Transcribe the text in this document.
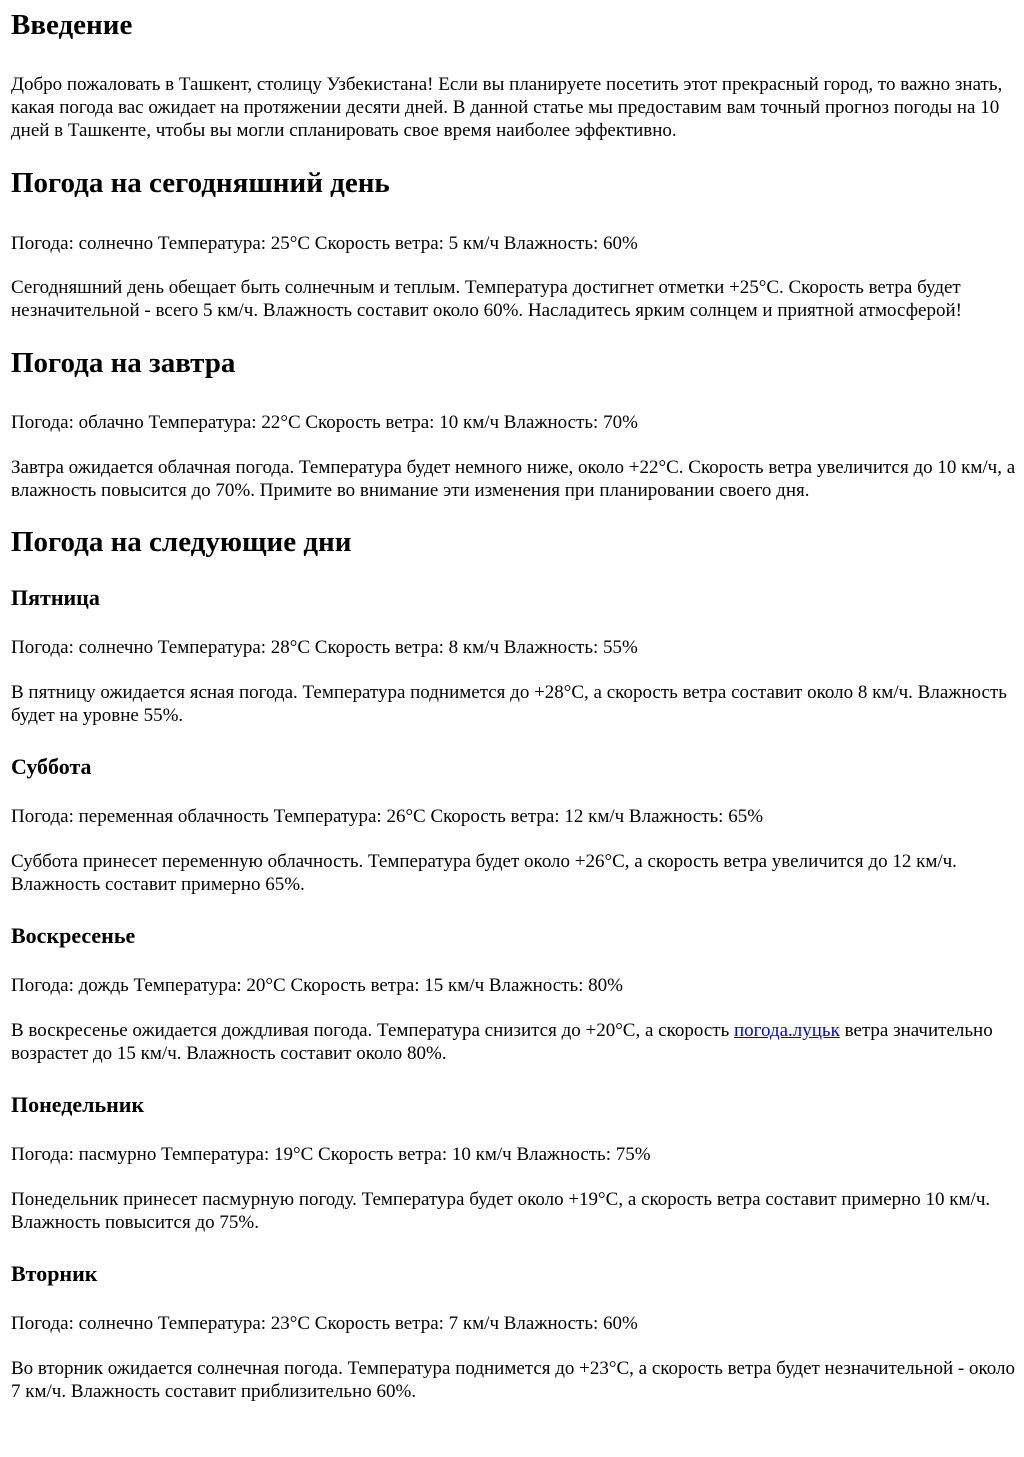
Введение

Добро пожаловать в Ташкент, столицу Узбекистана! Если вы планируете посетить этот прекрасный город, то важно знать, какая погода вас ожидает на протяжении десяти дней. В данной статье мы предоставим вам точный прогноз погоды на 10 дней в Ташкенте, чтобы вы могли спланировать свое время наиболее эффективно.

Погода на сегодняшний день

Погода: солнечно Температура: 25°C Скорость ветра: 5 км/ч Влажность: 60%

Сегодняшний день обещает быть солнечным и теплым. Температура достигнет отметки +25°C. Скорость ветра будет незначительной - всего 5 км/ч. Влажность составит около 60%. Насладитесь ярким солнцем и приятной атмосферой!

Погода на завтра

Погода: облачно Температура: 22°C Скорость ветра: 10 км/ч Влажность: 70%

Завтра ожидается облачная погода. Температура будет немного ниже, около +22°C. Скорость ветра увеличится до 10 км/ч, а влажность повысится до 70%. Примите во внимание эти изменения при планировании своего дня.

Погода на следующие дни
Пятница

Погода: солнечно Температура: 28°C Скорость ветра: 8 км/ч Влажность: 55%

В пятницу ожидается ясная погода. Температура поднимется до +28°C, а скорость ветра составит около 8 км/ч. Влажность будет на уровне 55%.

Суббота

Погода: переменная облачность Температура: 26°C Скорость ветра: 12 км/ч Влажность: 65%

Суббота принесет переменную облачность. Температура будет около +26°C, а скорость ветра увеличится до 12 км/ч. Влажность составит примерно 65%.

Воскресенье

Погода: дождь Температура: 20°C Скорость ветра: 15 км/ч Влажность: 80%

В воскресенье ожидается дождливая погода. Температура снизится до +20°C, а скорость погода.луцьк ветра значительно возрастет до 15 км/ч. Влажность составит около 80%.

Понедельник

Погода: пасмурно Температура: 19°C Скорость ветра: 10 км/ч Влажность: 75%

Понедельник принесет пасмурную погоду. Температура будет около +19°C, а скорость ветра составит примерно 10 км/ч. Влажность повысится до 75%.

Вторник

Погода: солнечно Температура: 23°C Скорость ветра: 7 км/ч Влажность: 60%

Во вторник ожидается солнечная погода. Температура поднимется до +23°C, а скорость ветра будет незначительной - около 7 км/ч. Влажность составит приблизительно 60%.
